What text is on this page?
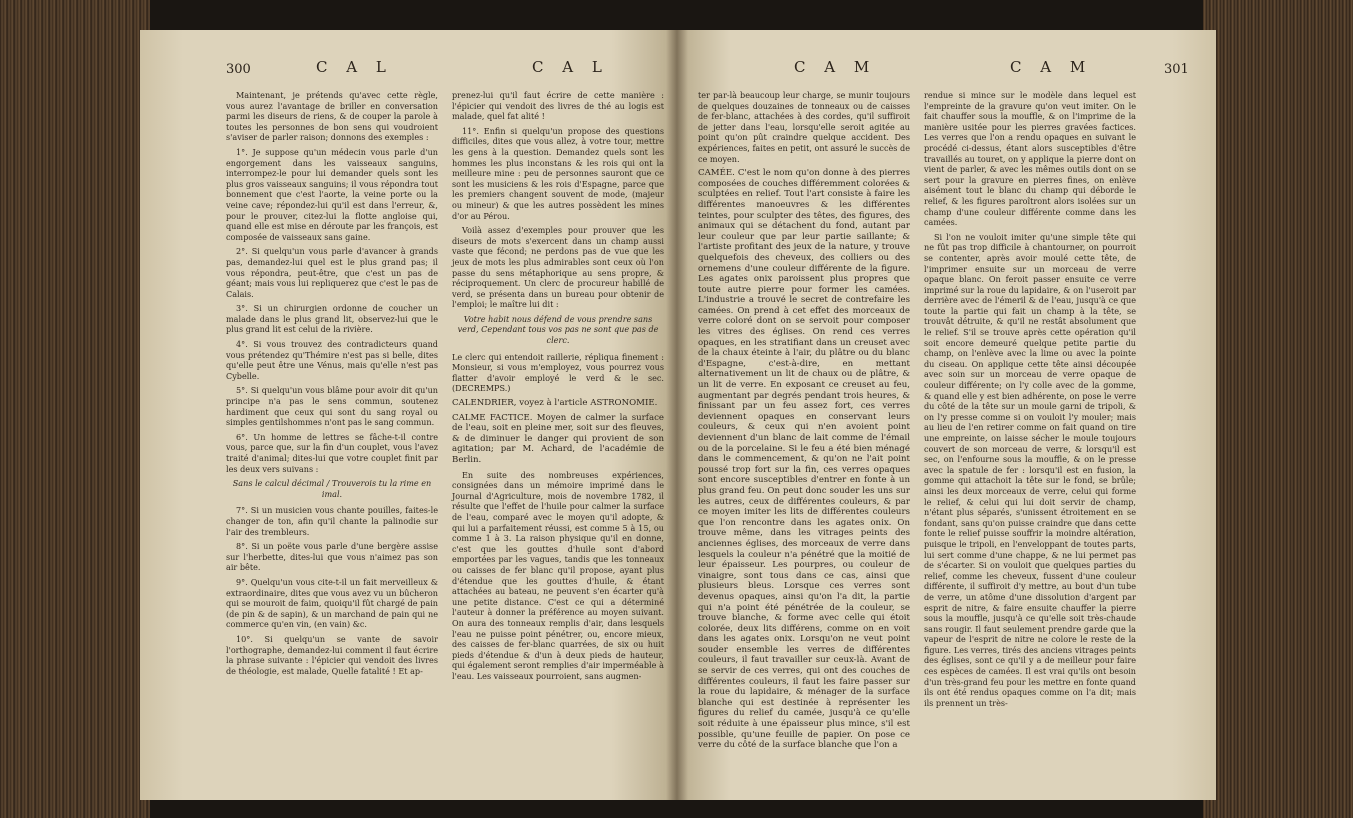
300	C A L	C A L

Maintenant, je prétends qu'avec cette règle, vous aurez l'avantage de briller en conversation parmi les diseurs de riens, & de couper la parole à toutes les personnes de bon sens qui voudroient s'aviser de parler raison; donnons des exemples :

1°. Je suppose qu'un médecin vous parle d'un engorgement dans les vaisseaux sanguins, interrompez-le pour lui demander quels sont les plus gros vaisseaux sanguins; il vous répondra tout bonnement que c'est l'aorte, la veine porte ou la veine cave; répondez-lui qu'il est dans l'erreur, &, pour le prouver, citez-lui la flotte angloise qui, quand elle est mise en déroute par les françois, est composée de vaisseaux sans gaine.

2°. Si quelqu'un vous parle d'avancer à grands pas, demandez-lui quel est le plus grand pas; il vous répondra, peut-être, que c'est un pas de géant; mais vous lui repliquerez que c'est le pas de Calais.

3°. Si un chirurgien ordonne de coucher un malade dans le plus grand lit, observez-lui que le plus grand lit est celui de la rivière.

4°. Si vous trouvez des contradicteurs quand vous prétendez qu'Thémire n'est pas si belle, dites qu'elle peut être une Vénus, mais qu'elle n'est pas Cybelle.

5°. Si quelqu'un vous blâme pour avoir dit qu'un principe n'a pas le sens commun, soutenez hardiment que ceux qui sont du sang royal ou simples gentilshommes n'ont pas le sang commun.

6°. Un homme de lettres se fâche-t-il contre vous, parce que, sur la fin d'un couplet, vous l'avez traité d'animal; dites-lui que votre couplet finit par les deux vers suivans :

Sans le calcul décimal / Trouverois tu la rime en imal.

7°. Si un musicien vous chante pouilles, faites-le changer de ton, afin qu'il chante la palinodie sur l'air des trembleurs.

8°. Si un poëte vous parle d'une bergère assise sur l'herbette, dites-lui que vous n'aimez pas son air bête.

9°. Quelqu'un vous cite-t-il un fait merveilleux & extraordinaire, dites que vous avez vu un bûcheron qui se mouroit de faim, quoiqu'il fût chargé de pain (de pin & de sapin), & un marchand de pain qui ne commerce qu'en vin, (en vain) &c.

10°. Si quelqu'un se vante de savoir l'orthographe, demandez-lui comment il faut écrire la phrase suivante : l'épicier qui vendoit des livres de théologie, est malade, Quelle fatalité ! Et ap-

prenez-lui qu'il faut écrire de cette manière : l'épicier qui vendoit des livres de thé au logis est malade, quel fat alité !

11°. Enfin si quelqu'un propose des questions difficiles, dites que vous allez, à votre tour, mettre les gens à la question. Demandez quels sont les hommes les plus inconstans & les rois qui ont la meilleure mine : peu de personnes sauront que ce sont les musiciens & les rois d'Espagne, parce que les premiers changent souvent de mode, (majeur ou mineur) & que les autres possèdent les mines d'or au Pérou.

Voilà assez d'exemples pour prouver que les diseurs de mots s'exercent dans un champ aussi vaste que fécond; ne perdons pas de vue que les jeux de mots les plus admirables sont ceux où l'on passe du sens métaphorique au sens propre, & réciproquement. Un clerc de procureur habillé de verd, se présenta dans un bureau pour obtenir de l'emploi; le maître lui dit :

Votre habit nous défend de vous prendre sans verd, Cependant tous vos pas ne sont que pas de clerc.

Le clerc qui entendoit raillerie, répliqua finement : Monsieur, si vous m'employez, vous pourrez vous flatter d'avoir employé le verd & le sec. (DECREMPS.)

CALENDRIER, voyez à l'article ASTRONOMIE.

CALME FACTICE. Moyen de calmer la surface de l'eau, soit en pleine mer, soit sur des fleuves, & de diminuer le danger qui provient de son agitation; par M. Achard, de l'académie de Berlin.

En suite des nombreuses expériences, consignées dans un mémoire imprimé dans le Journal d'Agriculture, mois de novembre 1782, il résulte que l'effet de l'huile pour calmer la surface de l'eau, comparé avec le moyen qu'il adopte, & qui lui a parfaitement réussi, est comme 5 à 15, ou comme 1 à 3. La raison physique qu'il en donne, c'est que les gouttes d'huile sont d'abord emportées par les vagues, tandis que les tonneaux ou caisses de fer blanc qu'il propose, ayant plus d'étendue que les gouttes d'huile, & étant attachées au bateau, ne peuvent s'en écarter qu'à une petite distance. C'est ce qui a déterminé l'auteur à donner la préférence au moyen suivant. On aura des tonneaux remplis d'air, dans lesquels l'eau ne puisse point pénétrer, ou, encore mieux, des caisses de fer-blanc quarrées, de six ou huit pieds d'étendue & d'un à deux pieds de hauteur, qui également seront remplies d'air imperméable à l'eau. Les vaisseaux pourroient, sans augmen-

C A M	C A M	301

ter par-là beaucoup leur charge, se munir toujours de quelques douzaines de tonneaux ou de caisses de fer-blanc, attachées à des cordes, qu'il suffiroit de jetter dans l'eau, lorsqu'elle seroit agitée au point qu'on pût craindre quelque accident. Des expériences, faites en petit, ont assuré le succès de ce moyen.

CAMÉE. C'est le nom qu'on donne à des pierres composées de couches différemment colorées & sculptées en relief. Tout l'art consiste à faire les différentes manoeuvres & les différentes teintes, pour sculpter des têtes, des figures, des animaux qui se détachent du fond, autant par leur couleur que par leur partie saillante; & l'artiste profitant des jeux de la nature, y trouve quelquefois des cheveux, des colliers ou des ornemens d'une couleur différente de la figure. Les agates onix paroissent plus propres que toute autre pierre pour former les camées. L'industrie a trouvé le secret de contrefaire les camées. On prend à cet effet des morceaux de verre coloré dont on se servoit pour composer les vitres des églises. On rend ces verres opaques, en les stratifiant dans un creuset avec de la chaux éteinte à l'air, du plâtre ou du blanc d'Espagne, c'est-à-dire, en mettant alternativement un lit de chaux ou de plâtre, & un lit de verre. En exposant ce creuset au feu, augmentant par degrés pendant trois heures, & finissant par un feu assez fort, ces verres deviennent opaques en conservant leurs couleurs, & ceux qui n'en avoient point deviennent d'un blanc de lait comme de l'émail ou de la porcelaine. Si le feu a été bien ménagé dans le commencement, & qu'on ne l'ait point poussé trop fort sur la fin, ces verres opaques sont encore susceptibles d'entrer en fonte à un plus grand feu. On peut donc souder les uns sur les autres, ceux de différentes couleurs, & par ce moyen imiter les lits de différentes couleurs que l'on rencontre dans les agates onix. On trouve même, dans les vitrages peints des anciennes églises, des morceaux de verre dans lesquels la couleur n'a pénétré que la moitié de leur épaisseur. Les pourpres, ou couleur de vinaigre, sont tous dans ce cas, ainsi que plusieurs bleus. Lorsque ces verres sont devenus opaques, ainsi qu'on l'a dit, la partie qui n'a point été pénétrée de la couleur, se trouve blanche, & forme avec celle qui étoit colorée, deux lits différens, comme on en voit dans les agates onix. Lorsqu'on ne veut point souder ensemble les verres de différentes couleurs, il faut travailler sur ceux-là. Avant de se servir de ces verres, qui ont des couches de différentes couleurs, il faut les faire passer sur la roue du lapidaire, & ménager de la surface blanche qui est destinée à représenter les figures du relief du camée, jusqu'à ce qu'elle soit réduite à une épaisseur plus mince, s'il est possible, qu'une feuille de papier. On pose ce verre du côté de la surface blanche que l'on a

rendue si mince sur le modèle dans lequel est l'empreinte de la gravure qu'on veut imiter. On le fait chauffer sous la mouffle, & on l'imprime de la manière usitée pour les pierres gravées factices. Les verres que l'on a rendu opaques en suivant le procédé ci-dessus, étant alors susceptibles d'être travaillés au touret, on y applique la pierre dont on vient de parler, & avec les mêmes outils dont on se sert pour la gravure en pierres fines, on enlève aisément tout le blanc du champ qui déborde le relief, & les figures paroîtront alors isolées sur un champ d'une couleur différente comme dans les camées.

Si l'on ne vouloit imiter qu'une simple tête qui ne fût pas trop difficile à chantourner, on pourroit se contenter, après avoir moulé cette tête, de l'imprimer ensuite sur un morceau de verre opaque blanc. On feroit passer ensuite ce verre imprimé sur la roue du lapidaire, & on l'useroit par derrière avec de l'émeril & de l'eau, jusqu'à ce que toute la partie qui fait un champ à la tête, se trouvât détruite, & qu'il ne restât absolument que le relief. S'il se trouve après cette opération qu'il soit encore demeuré quelque petite partie du champ, on l'enlève avec la lime ou avec la pointe du ciseau. On applique cette tête ainsi découpée avec soin sur un morceau de verre opaque de couleur différente; on l'y colle avec de la gomme, & quand elle y est bien adhérente, on pose le verre du côté de la tête sur un moule garni de tripoli, & on l'y presse comme si on vouloit l'y mouler; mais au lieu de l'en retirer comme on fait quand on tire une empreinte, on laisse sécher le moule toujours couvert de son morceau de verre, & lorsqu'il est sec, on l'enfourne sous la mouffle, & on le presse avec la spatule de fer : lorsqu'il est en fusion, la gomme qui attachoit la tête sur le fond, se brûle; ainsi les deux morceaux de verre, celui qui forme le relief, & celui qui lui doit servir de champ, n'étant plus séparés, s'unissent étroitement en se fondant, sans qu'on puisse craindre que dans cette fonte le relief puisse souffrir la moindre altération, puisque le tripoli, en l'enveloppant de toutes parts, lui sert comme d'une chappe, & ne lui permet pas de s'écarter. Si on vouloit que quelques parties du relief, comme les cheveux, fussent d'une couleur différente, il suffiroit d'y mettre, au bout d'un tube de verre, un atôme d'une dissolution d'argent par esprit de nitre, & faire ensuite chauffer la pierre sous la mouffle, jusqu'à ce qu'elle soit très-chaude sans rougir. Il faut seulement prendre garde que la vapeur de l'esprit de nitre ne colore le reste de la figure. Les verres, tirés des anciens vitrages peints des églises, sont ce qu'il y a de meilleur pour faire ces espèces de camées. Il est vrai qu'ils ont besoin d'un très-grand feu pour les mettre en fonte quand ils ont été rendus opaques comme on l'a dit; mais ils prennent un très-
